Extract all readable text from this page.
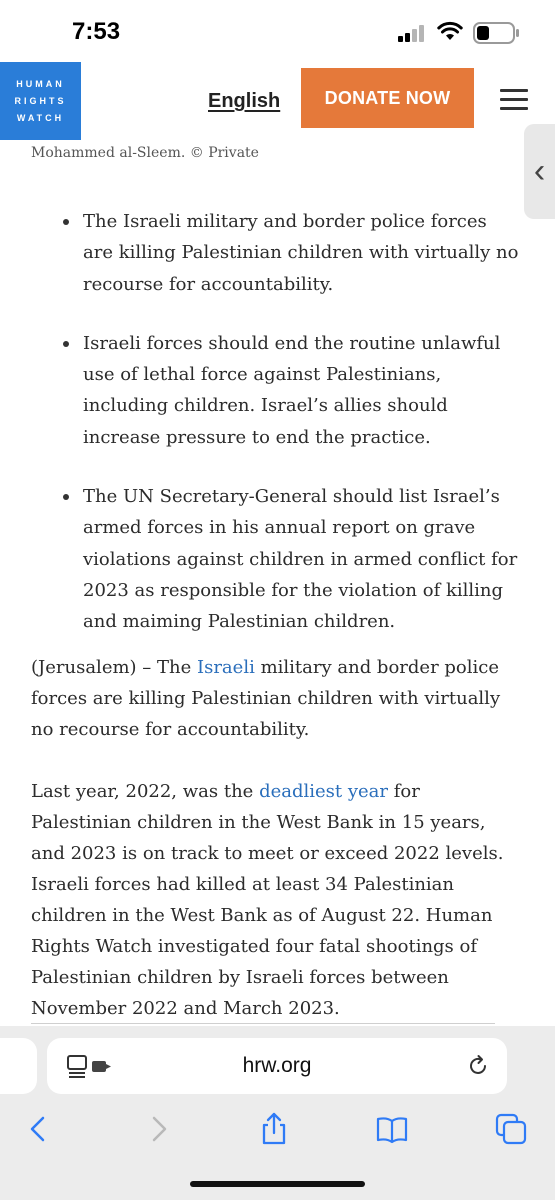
7:53
HUMAN
RIGHTS
WATCH
English	DONATE NOW
‹
Mohammed al-Sleem. © Private
The Israeli military and border police forces are killing Palestinian children with virtually no recourse for accountability.
Israeli forces should end the routine unlawful use of lethal force against Palestinians, including children. Israel’s allies should increase pressure to end the practice.
The UN Secretary-General should list Israel’s armed forces in his annual report on grave violations against children in armed conflict for 2023 as responsible for the violation of killing and maiming Palestinian children.

(Jerusalem) – The Israeli military and border police forces are killing Palestinian children with virtually no recourse for accountability.

Last year, 2022, was the deadliest year for Palestinian children in the West Bank in 15 years, and 2023 is on track to meet or exceed 2022 levels. Israeli forces had killed at least 34 Palestinian children in the West Bank as of August 22. Human Rights Watch investigated four fatal shootings of Palestinian children by Israeli forces between November 2022 and March 2023.

hrw.org
